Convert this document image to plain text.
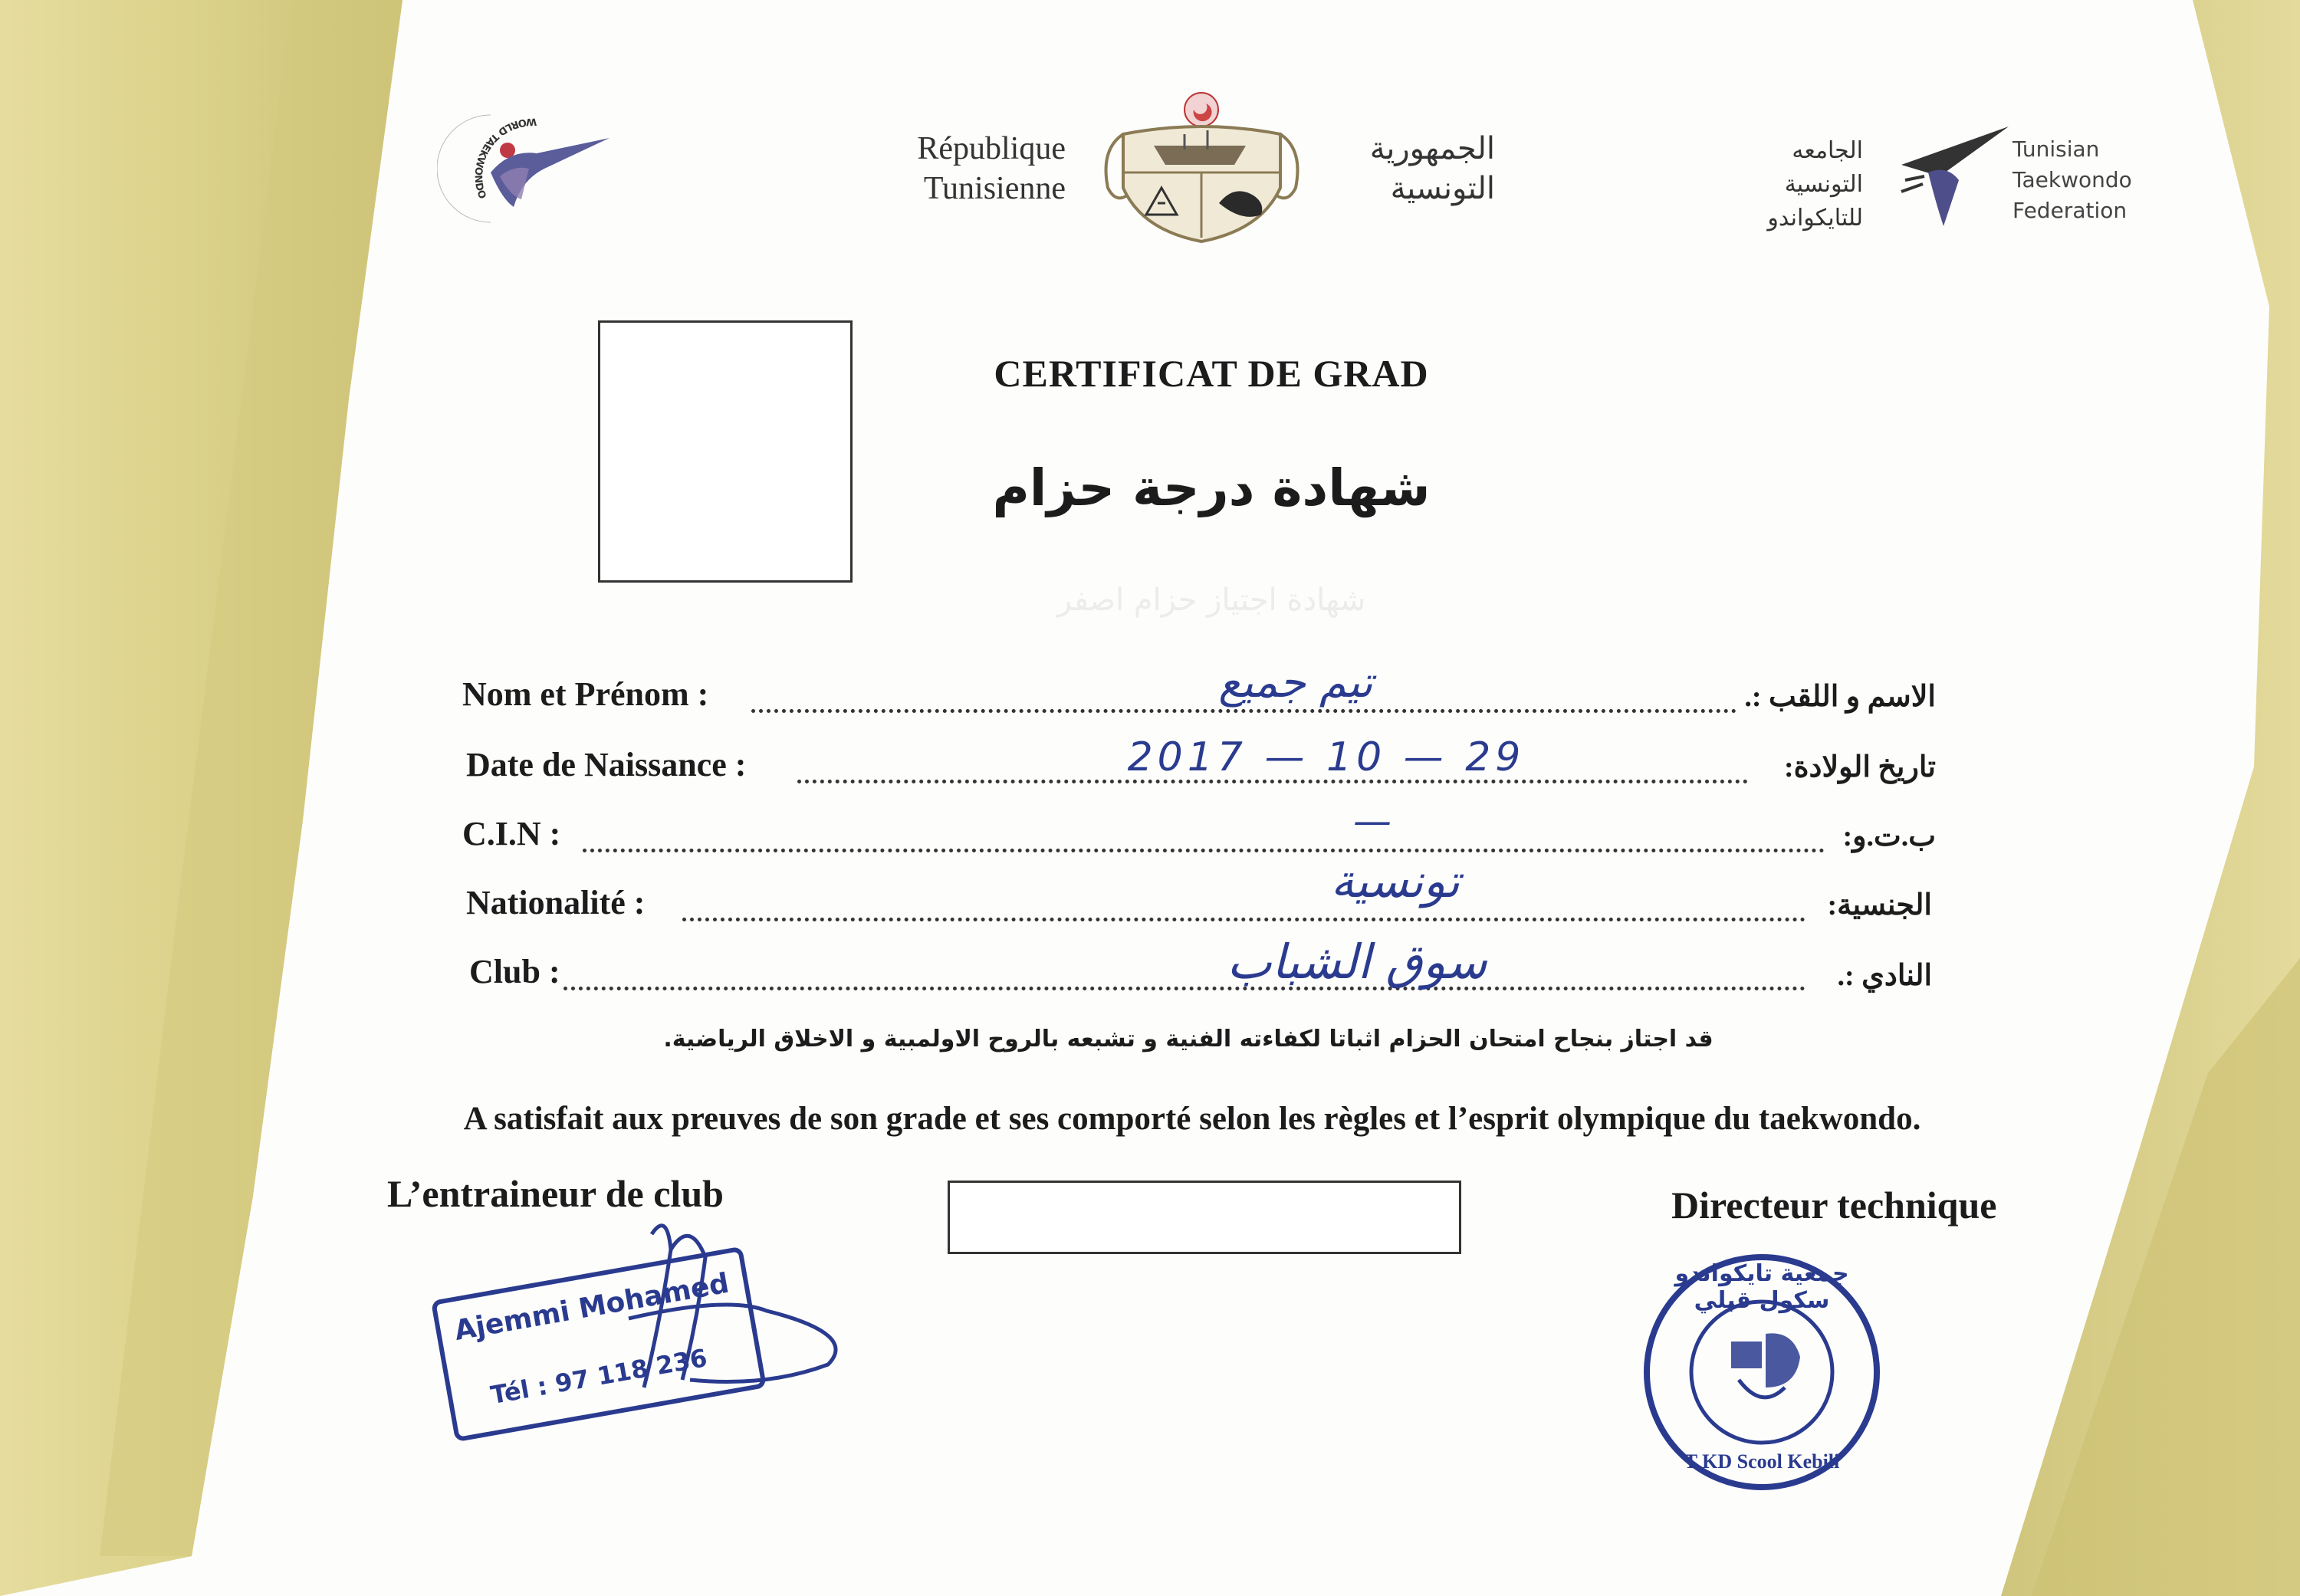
WORLD TAEKWONDO
République
Tunisienne
الجمهورية
التونسية
الجامعه
التونسية
للتايكواندو
Tunisian
Taekwondo
Federation
CERTIFICAT DE GRAD
شهادة درجة حزام
شهادة اجتياز حزام اصفر
Nom et Prénom :	الاسم و اللقب :.
تيم جميع
Date de Naissance :	تاريخ الولادة:
2017 — 10 — 29
C.I.N :	ب.ت.و:
—
Nationalité :	الجنسية:
تونسية
Club :	النادي :.
سوق الشباب
قد اجتاز بنجاح امتحان الحزام اثباتا لكفاءته الفنية و تشبعه بالروح الاولمبية و الاخلاق الرياضية.
A satisfait aux preuves de son grade et ses comporté selon les règles et l’esprit olympique du taekwondo.
L’entraineur de club	Directeur technique
Ajemmi Mohamed
Tél : 97 118 236
جمعية تايكواندو سكول قبلي
T KD Scool Kebili
